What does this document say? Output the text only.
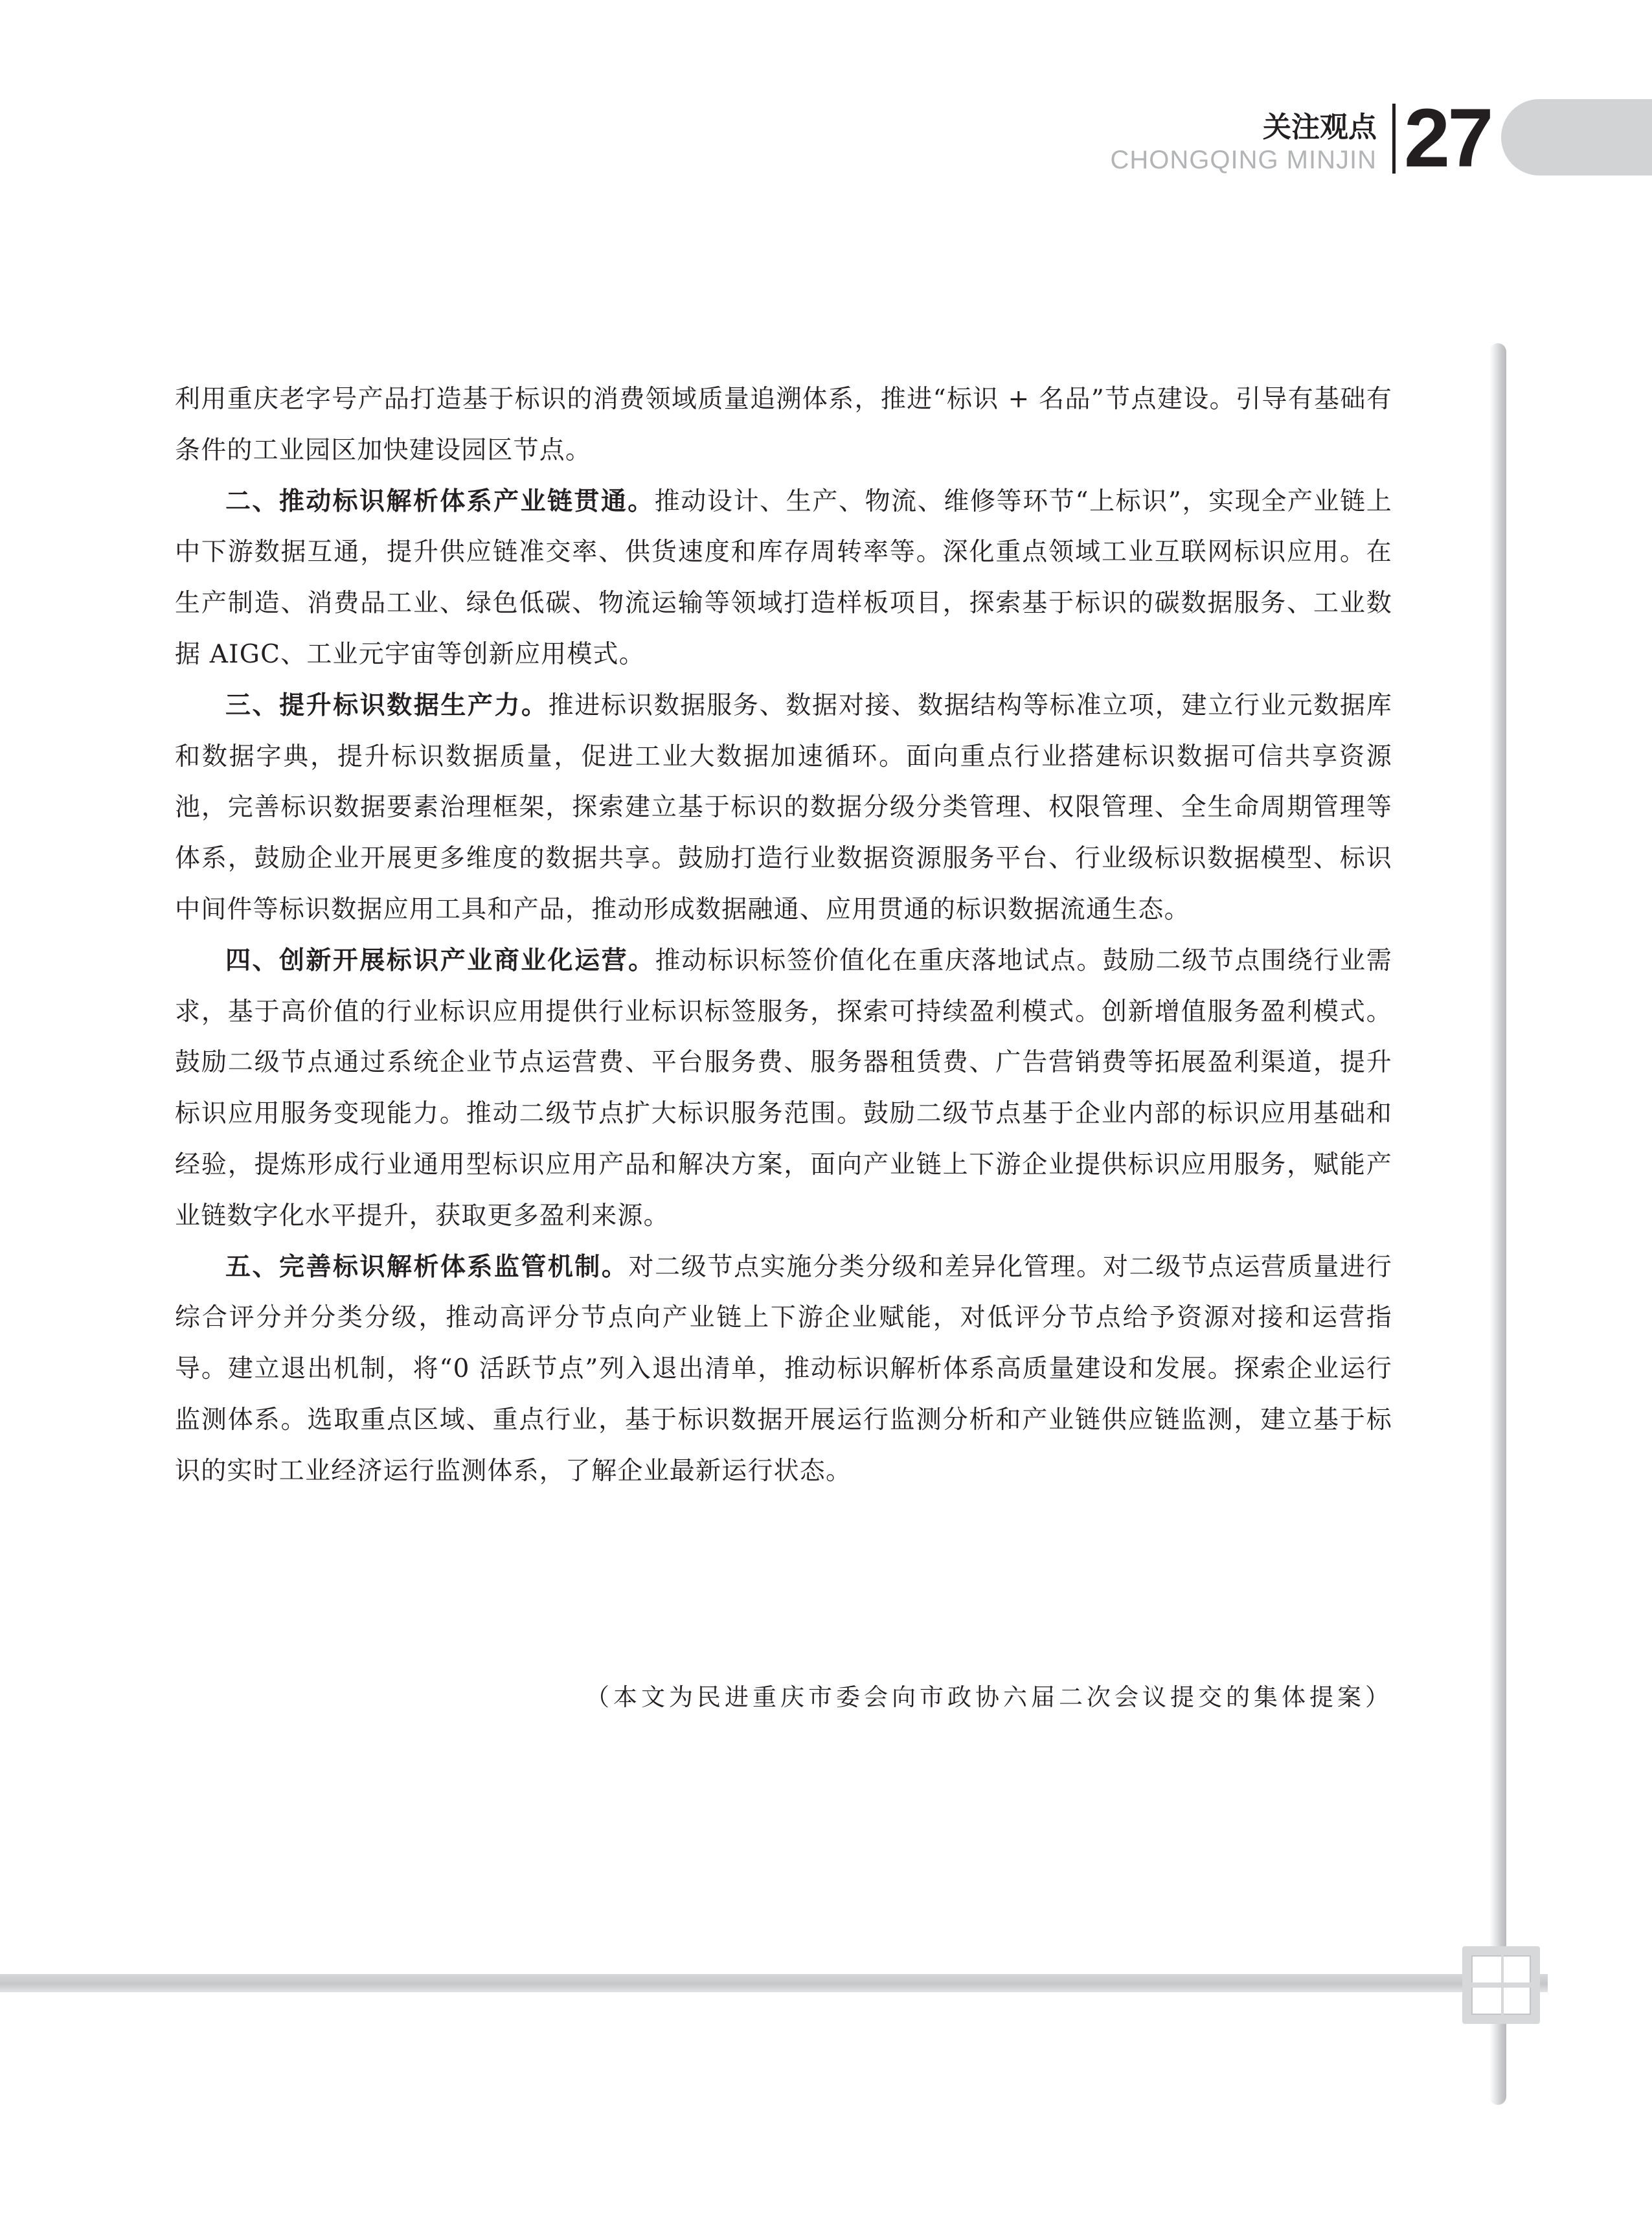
关注观点
CHONGQING MINJIN 27

利用重庆老字号产品打造基于标识的消费领域质量追溯体系，推进“标识 + 名品”节点建设。引导有基础有条件的工业园区加快建设园区节点。

二、推动标识解析体系产业链贯通。推动设计、生产、物流、维修等环节“上标识”，实现全产业链上中下游数据互通，提升供应链准交率、供货速度和库存周转率等。深化重点领域工业互联网标识应用。在生产制造、消费品工业、绿色低碳、物流运输等领域打造样板项目，探索基于标识的碳数据服务、工业数据 AIGC、工业元宇宙等创新应用模式。

三、提升标识数据生产力。推进标识数据服务、数据对接、数据结构等标准立项，建立行业元数据库和数据字典，提升标识数据质量，促进工业大数据加速循环。面向重点行业搭建标识数据可信共享资源池，完善标识数据要素治理框架，探索建立基于标识的数据分级分类管理、权限管理、全生命周期管理等体系，鼓励企业开展更多维度的数据共享。鼓励打造行业数据资源服务平台、行业级标识数据模型、标识中间件等标识数据应用工具和产品，推动形成数据融通、应用贯通的标识数据流通生态。

四、创新开展标识产业商业化运营。推动标识标签价值化在重庆落地试点。鼓励二级节点围绕行业需求，基于高价值的行业标识应用提供行业标识标签服务，探索可持续盈利模式。创新增值服务盈利模式。鼓励二级节点通过系统企业节点运营费、平台服务费、服务器租赁费、广告营销费等拓展盈利渠道，提升标识应用服务变现能力。推动二级节点扩大标识服务范围。鼓励二级节点基于企业内部的标识应用基础和经验，提炼形成行业通用型标识应用产品和解决方案，面向产业链上下游企业提供标识应用服务，赋能产业链数字化水平提升，获取更多盈利来源。

五、完善标识解析体系监管机制。对二级节点实施分类分级和差异化管理。对二级节点运营质量进行综合评分并分类分级，推动高评分节点向产业链上下游企业赋能，对低评分节点给予资源对接和运营指导。建立退出机制，将“0 活跃节点”列入退出清单，推动标识解析体系高质量建设和发展。探索企业运行监测体系。选取重点区域、重点行业，基于标识数据开展运行监测分析和产业链供应链监测，建立基于标识的实时工业经济运行监测体系，了解企业最新运行状态。

（本文为民进重庆市委会向市政协六届二次会议提交的集体提案）
